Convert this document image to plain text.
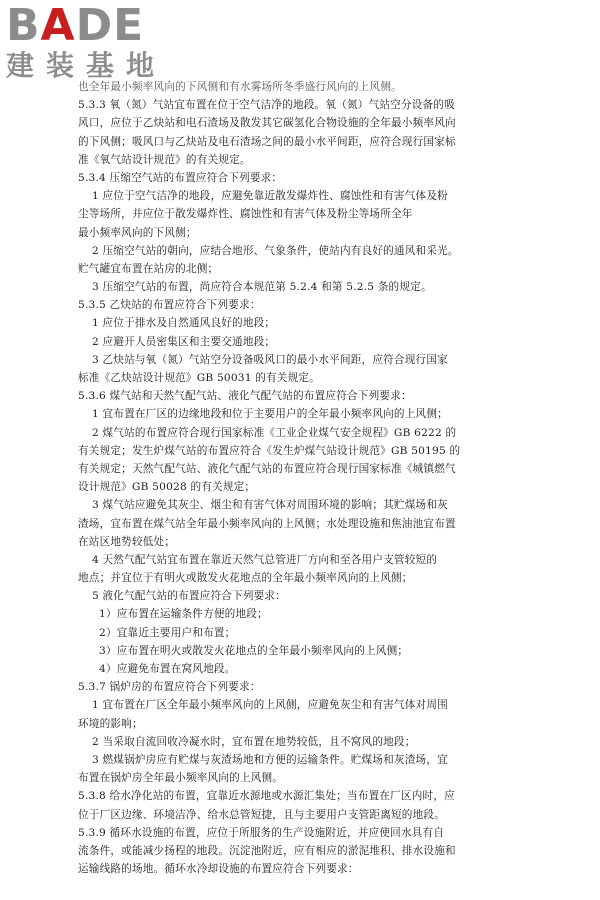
BADE
建装基地
也全年最小频率风向的下风侧和有水雾场所冬季盛行风向的上风侧。
5.3.3 氧（氮）气站宜布置在位于空气洁净的地段。氧（氮）气站空分设备的吸
风口，应位于乙炔站和电石渣场及散发其它碳氢化合物设施的全年最小频率风向
的下风侧；吸风口与乙炔站及电石渣场之间的最小水平间距，应符合现行国家标
准《氧气站设计规范》的有关规定。
5.3.4 压缩空气站的布置应符合下列要求：
1 应位于空气洁净的地段，应避免靠近散发爆炸性、腐蚀性和有害气体及粉
尘等场所，并应位于散发爆炸性、腐蚀性和有害气体及粉尘等场所全年
最小频率风向的下风侧；
2 压缩空气站的朝向，应结合地形、气象条件，使站内有良好的通风和采光。
贮气罐宜布置在站房的北侧；
3 压缩空气站的布置，尚应符合本规范第 5.2.4 和第 5.2.5 条的规定。
5.3.5 乙炔站的布置应符合下列要求：
1 应位于排水及自然通风良好的地段；
2 应避开人员密集区和主要交通地段；
3 乙炔站与氧（氮）气站空分设备吸风口的最小水平间距，应符合现行国家
标准《乙炔站设计规范》GB 50031 的有关规定。
5.3.6 煤气站和天然气配气站、液化气配气站的布置应符合下列要求：
1 宜布置在厂区的边缘地段和位于主要用户的全年最小频率风向的上风侧；
2 煤气站的布置应符合现行国家标准《工业企业煤气安全规程》GB 6222 的
有关规定；发生炉煤气站的布置应符合《发生炉煤气站设计规范》GB 50195 的
有关规定；天然气配气站、液化气配气站的布置应符合现行国家标准《城镇燃气
设计规范》GB 50028 的有关规定；
3 煤气站应避免其灰尘、烟尘和有害气体对周围环境的影响；其贮煤场和灰
渣场，宜布置在煤气站全年最小频率风向的上风侧；水处理设施和焦油池宜布置
在站区地势较低处；
4 天然气配气站宜布置在靠近天然气总管进厂方向和至各用户支管较短的
地点；并宜位于有明火或散发火花地点的全年最小频率风向的上风侧；
5 液化气配气站的布置应符合下列要求：
1）应布置在运输条件方便的地段；
2）宜靠近主要用户和布置；
3）应布置在明火或散发火花地点的全年最小频率风向的上风侧；
4）应避免布置在窝风地段。
5.3.7 锅炉房的布置应符合下列要求：
1 宜布置在厂区全年最小频率风向的上风侧，应避免灰尘和有害气体对周围
环境的影响；
2 当采取自流回收冷凝水时，宜布置在地势较低，且不窝风的地段；
3 燃煤锅炉房应有贮煤与灰渣场地和方便的运输条件。贮煤场和灰渣场，宜
布置在锅炉房全年最小频率风向的上风侧。
5.3.8 给水净化站的布置，宜靠近水源地或水源汇集处；当布置在厂区内时，应
位于厂区边缘、环境洁净、给水总管短捷，且与主要用户支管距离短的地段。
5.3.9 循环水设施的布置，应位于所服务的生产设施附近，并应使回水具有自
流条件，或能减少扬程的地段。沉淀池附近，应有相应的淤泥堆积、排水设施和
运输线路的场地。循环水冷却设施的布置应符合下列要求：
